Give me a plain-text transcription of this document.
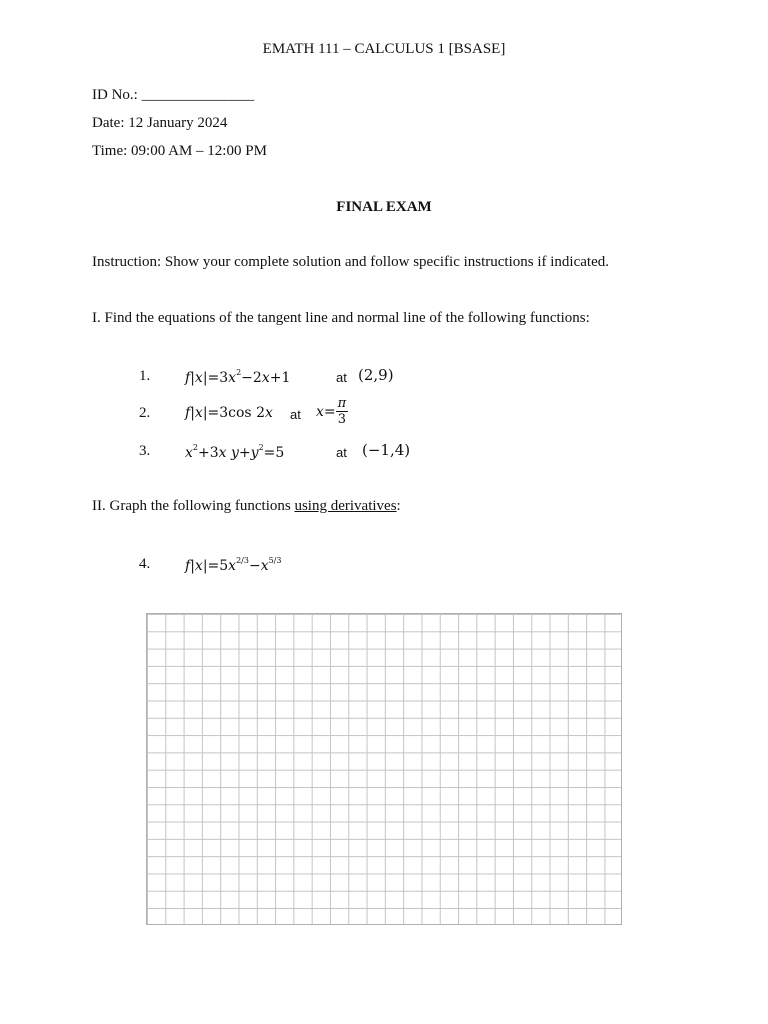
EMATH 111 – CALCULUS 1 [BSASE]
ID No.: _______________
Date: 12 January 2024
Time: 09:00 AM – 12:00 PM
FINAL EXAM
Instruction: Show your complete solution and follow specific instructions if indicated.
I. Find the equations of the tangent line and normal line of the following functions:
1. $f|x|=3x^2-2x+1$	at (2,9)
2. f|x|=3cos 2x at $x= \frac{\pi}{3}$
3. $x^2+3x$ $y+y^2=5$	at (−1,4)
II. Graph the following functions using derivatives:
4. $f|x|=5x^{2/3}-x^{5/3}$
